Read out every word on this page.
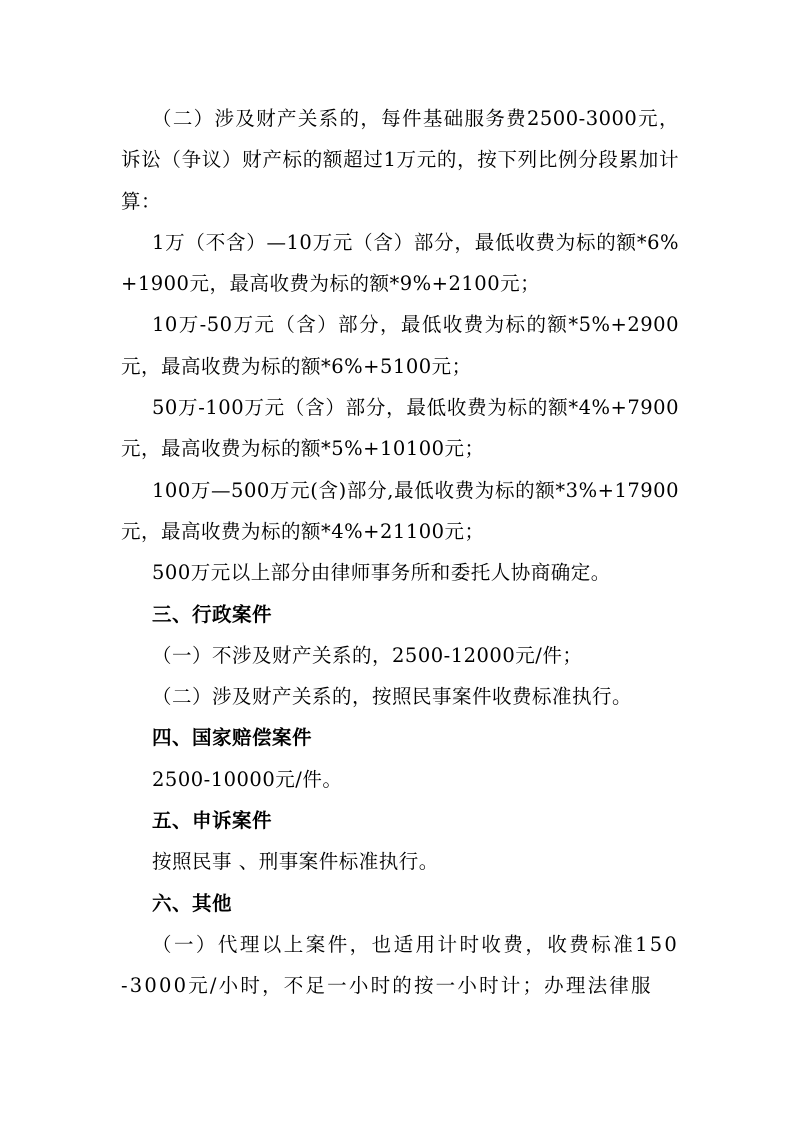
（二）涉及财产关系的，每件基础服务费2500-3000元，诉讼（争议）财产标的额超过1万元的，按下列比例分段累加计算：

1万（不含）—10万元（含）部分，最低收费为标的额*6%+1900元，最高收费为标的额*9%+2100元；

10万-50万元（含）部分，最低收费为标的额*5%+2900元，最高收费为标的额*6%+5100元；

50万-100万元（含）部分，最低收费为标的额*4%+7900元，最高收费为标的额*5%+10100元；

100万—500万元(含)部分,最低收费为标的额*3%+17900元，最高收费为标的额*4%+21100元；

500万元以上部分由律师事务所和委托人协商确定。

三、行政案件

（一）不涉及财产关系的，2500-12000元/件；

（二）涉及财产关系的，按照民事案件收费标准执行。

四、国家赔偿案件

2500-10000元/件。

五、申诉案件

按照民事 、刑事案件标准执行。

六、其他

（一）代理以上案件，也适用计时收费，收费标准150-3000元/小时，不足一小时的按一小时计；办理法律服
